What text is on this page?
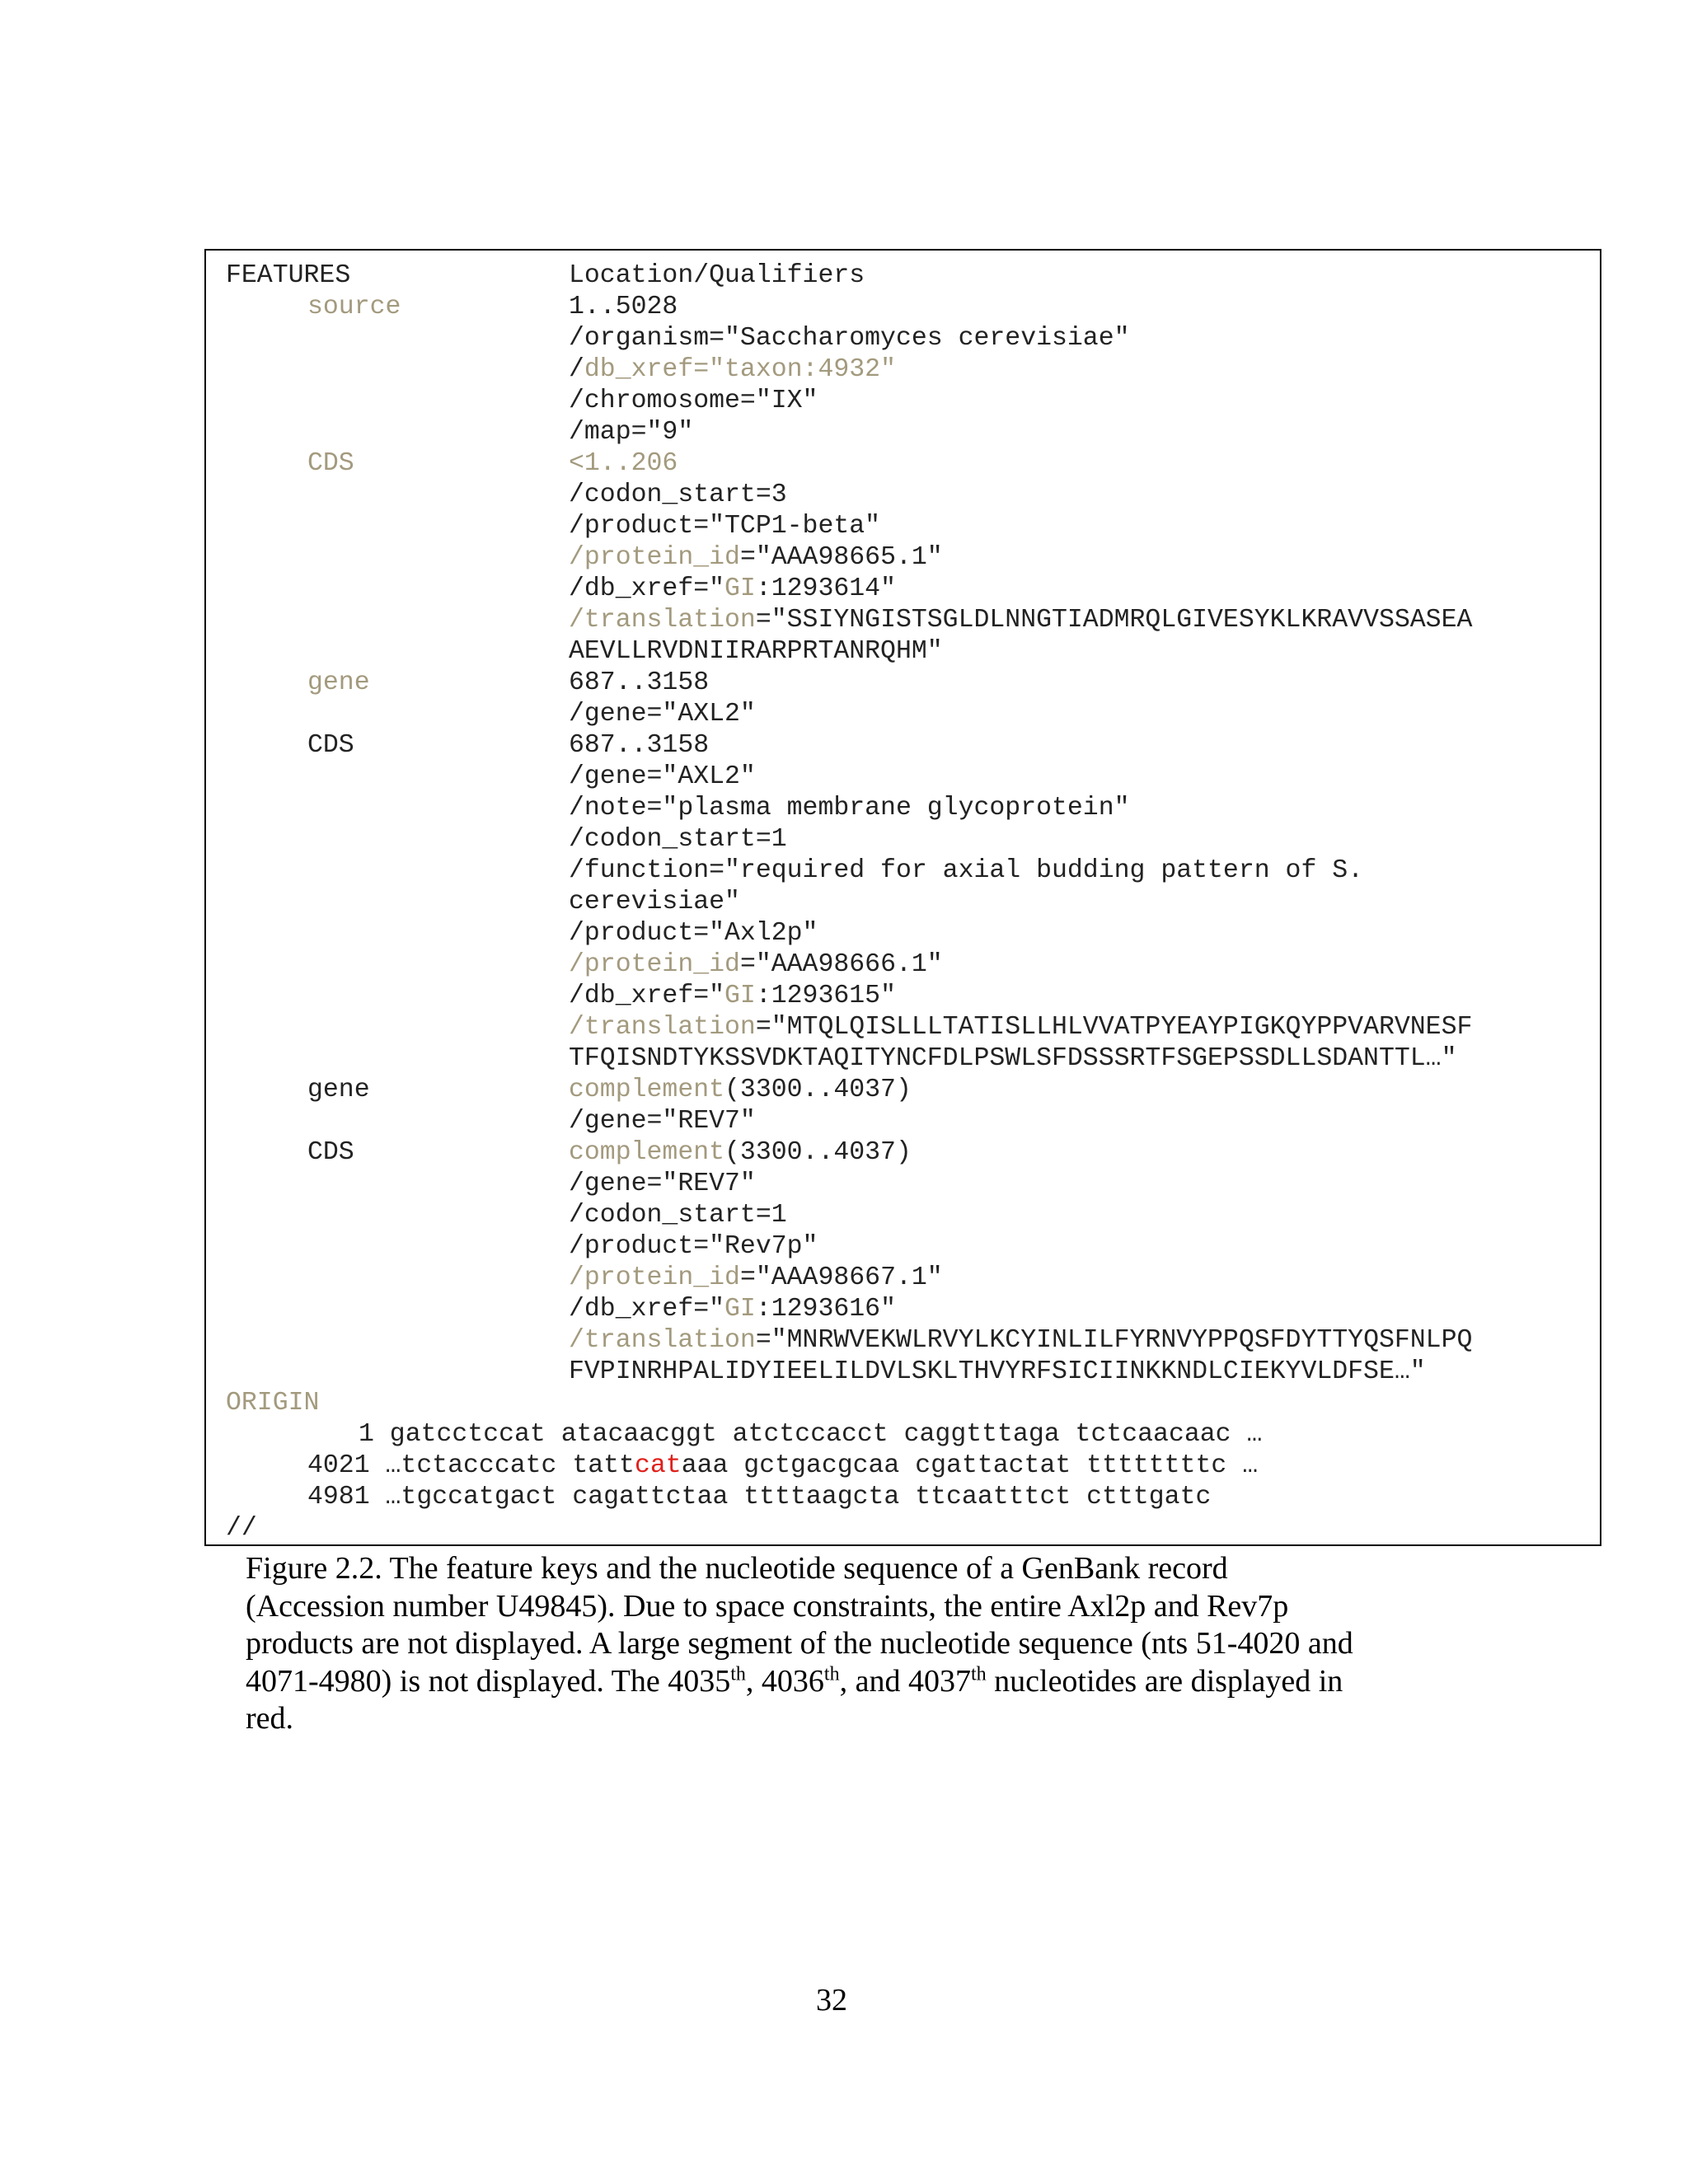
FEATURES	Location/Qualifiers
source	1..5028
/organism="Saccharomyces cerevisiae"
/db_xref="taxon:4932"
/chromosome="IX"
/map="9"
CDS	<1..206
/codon_start=3
/product="TCP1-beta"
/protein_id="AAA98665.1"
/db_xref="GI:1293614"
/translation="SSIYNGISTSGLDLNNGTIADMRQLGIVESYKLKRAVVSSASEA
AEVLLRVDNIIRARPRTANRQHM"
gene	687..3158
/gene="AXL2"
CDS	687..3158
/gene="AXL2"
/note="plasma membrane glycoprotein"
/codon_start=1
/function="required for axial budding pattern of S.
cerevisiae"
/product="Axl2p"
/protein_id="AAA98666.1"
/db_xref="GI:1293615"
/translation="MTQLQISLLLTATISLLHLVVATPYEAYPIGKQYPPVARVNESF
TFQISNDTYKSSVDKTAQITYNCFDLPSWLSFDSSSRTFSGEPSSDLLSDANTTL…"
gene	complement(3300..4037)
/gene="REV7"
CDS	complement(3300..4037)
/gene="REV7"
/codon_start=1
/product="Rev7p"
/protein_id="AAA98667.1"
/db_xref="GI:1293616"
/translation="MNRWVEKWLRVYLKCYINLILFYRNVYPPQSFDYTTYQSFNLPQ
FVPINRHPALIDYIEELILDVLSKLTHVYRFSICIINKKNDLCIEKYVLDFSE…"
ORIGIN
1 gatcctccat atacaacggt atctccacct caggtttaga tctcaacaac …
4021 …tctacccatc tattcataaa gctgacgcaa cgattactat ttttttttc …
4981 …tgccatgact cagattctaa ttttaagcta ttcaatttct ctttgatc
//
Figure 2.2. The feature keys and the nucleotide sequence of a GenBank record
(Accession number U49845). Due to space constraints, the entire Axl2p and Rev7p
products are not displayed. A large segment of the nucleotide sequence (nts 51-4020 and
4071-4980) is not displayed. The 4035th, 4036th, and 4037th nucleotides are displayed in
red.
32
